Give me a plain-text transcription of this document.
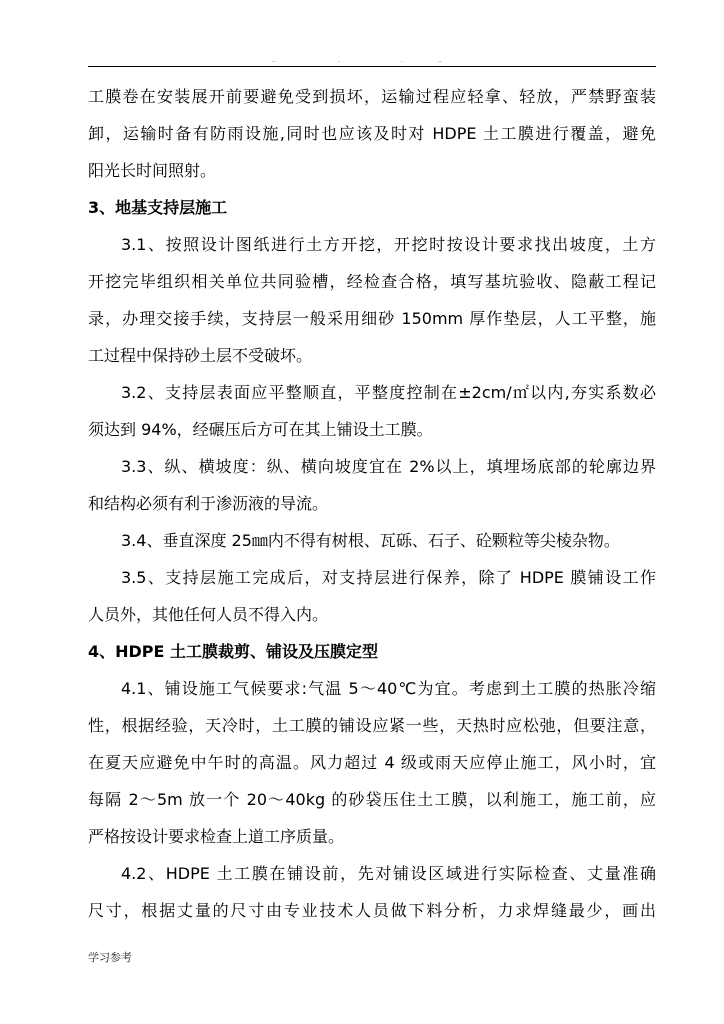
..	.	.	..
工膜卷在安装展开前要避免受到损坏，运输过程应轻拿、轻放，严禁野蛮装
卸，运输时备有防雨设施,同时也应该及时对 HDPE 土工膜进行覆盖，避免
阳光长时间照射。
3、地基支持层施工
3.1、按照设计图纸进行土方开挖，开挖时按设计要求找出坡度，土方
开挖完毕组织相关单位共同验槽，经检查合格，填写基坑验收、隐蔽工程记
录，办理交接手续，支持层一般采用细砂 150mm 厚作垫层，人工平整，施
工过程中保持砂土层不受破坏。
3.2、支持层表面应平整顺直，平整度控制在±2cm/㎡以内,夯实系数必
须达到 94%，经碾压后方可在其上铺设土工膜。
3.3、纵、横坡度：纵、横向坡度宜在 2%以上，填埋场底部的轮廓边界
和结构必须有利于渗沥液的导流。
3.4、垂直深度 25㎜内不得有树根、瓦砾、石子、砼颗粒等尖棱杂物。
3.5、支持层施工完成后，对支持层进行保养，除了 HDPE 膜铺设工作
人员外，其他任何人员不得入内。
4、HDPE 土工膜裁剪、铺设及压膜定型
4.1、铺设施工气候要求:气温 5～40℃为宜。考虑到土工膜的热胀冷缩
性，根据经验，天冷时，土工膜的铺设应紧一些，天热时应松弛，但要注意，
在夏天应避免中午时的高温。风力超过 4 级或雨天应停止施工，风小时，宜
每隔 2～5m 放一个 20～40kg 的砂袋压住土工膜，以利施工，施工前，应
严格按设计要求检查上道工序质量。
4.2、HDPE 土工膜在铺设前，先对铺设区域进行实际检查、丈量准确
尺寸，根据丈量的尺寸由专业技术人员做下料分析，力求焊缝最少，画出
学习参考
